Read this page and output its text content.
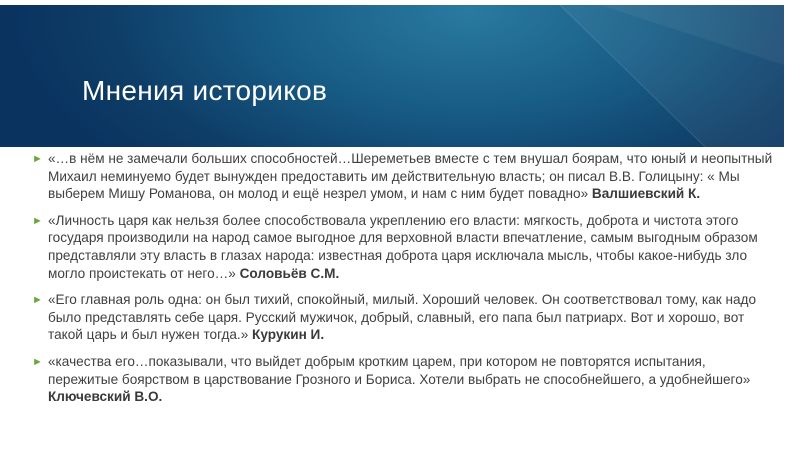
Мнения историков
► «…в нём не замечали больших способностей…Шереметьев вместе с тем внушал боярам, что юный и неопытный Михаил неминуемо будет вынужден предоставить им действительную власть; он писал В.В. Голицыну: « Мы выберем Мишу Романова, он молод и ещё незрел умом, и нам с ним будет повадно» Валшиевский К.
► «Личность царя как нельзя более способствовала укреплению его власти: мягкость, доброта и чистота этого государя производили на народ самое выгодное для верховной власти впечатление, самым выгодным образом представляли эту власть в глазах народа: известная доброта царя исключала мысль, чтобы какое-нибудь зло могло проистекать от него…» Соловьёв С.М.
► «Его главная роль одна: он был тихий, спокойный, милый. Хороший человек. Он соответствовал тому, как надо было представлять себе царя. Русский мужичок, добрый, славный, его папа был патриарх. Вот и хорошо, вот такой царь и был нужен тогда.» Курукин И.
► «качества его…показывали, что выйдет добрым кротким царем, при котором не повторятся испытания, пережитые боярством в царствование Грозного и Бориса. Хотели выбрать не способнейшего, а удобнейшего» Ключевский В.О.
